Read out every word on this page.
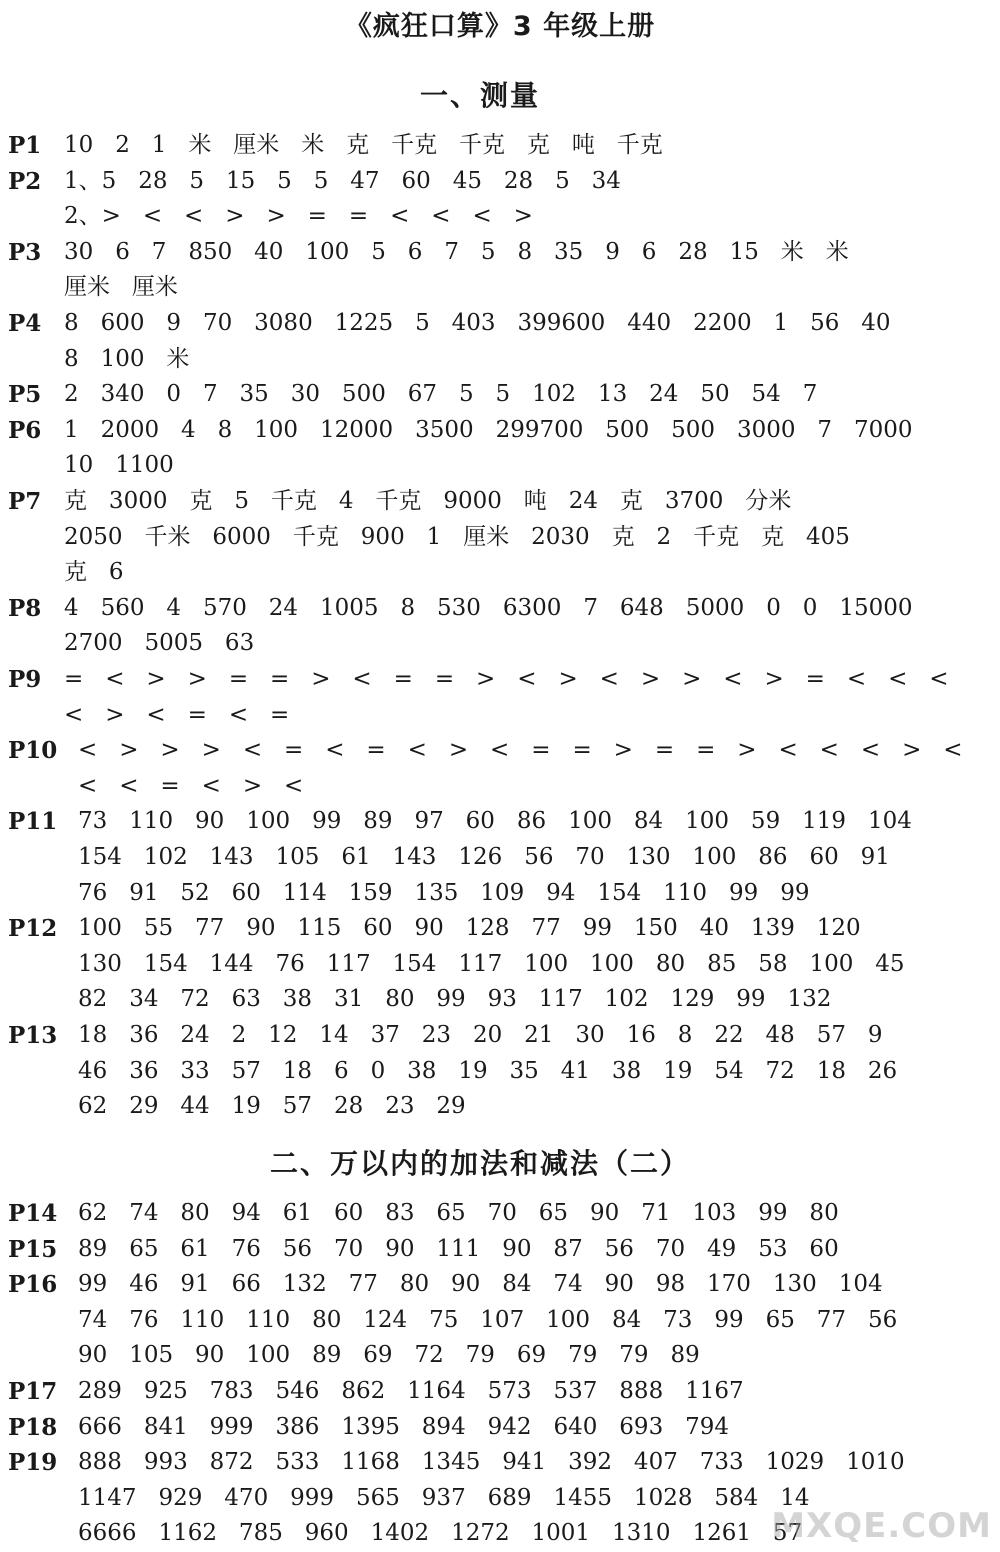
《疯狂口算》3 年级上册
一、测量
二、万以内的加法和减法（二）
P1 10   2   1   米   厘米   米   克   千克   千克   克   吨   千克
P2 1、5   28   5   15   5   5   47   60   45   28   5   34
2、>   <   <   >   >   =   =   <   <   <   >
P3 30   6   7   850   40   100   5   6   7   5   8   35   9   6   28   15   米   米
厘米   厘米
P4 8   600   9   70   3080   1225   5   403   399600   440   2200   1   56   40
8   100   米
P5 2   340   0   7   35   30   500   67   5   5   102   13   24   50   54   7
P6 1   2000   4   8   100   12000   3500   299700   500   500   3000   7   7000
10   1100
P7 克   3000   克   5   千克   4   千克   9000   吨   24   克   3700   分米
2050   千米   6000   千克   900   1   厘米   2030   克   2   千克   克   405
克   6
P8 4   560   4   570   24   1005   8   530   6300   7   648   5000   0   0   15000
2700   5005   63
P9 =   <   >   >   =   =   >   <   =   =   >   <   >   <   >   >   <   >   =   <   <   <
<   >   <   =   <   =
P10 <   >   >   >   <   =   <   =   <   >   <   =   =   >   =   =   >   <   <   <   >   <
<   <   =   <   >   <
P11 73   110   90   100   99   89   97   60   86   100   84   100   59   119   104
154   102   143   105   61   143   126   56   70   130   100   86   60   91
76   91   52   60   114   159   135   109   94   154   110   99   99
P12 100   55   77   90   115   60   90   128   77   99   150   40   139   120
130   154   144   76   117   154   117   100   100   80   85   58   100   45
82   34   72   63   38   31   80   99   93   117   102   129   99   132
P13 18   36   24   2   12   14   37   23   20   21   30   16   8   22   48   57   9
46   36   33   57   18   6   0   38   19   35   41   38   19   54   72   18   26
62   29   44   19   57   28   23   29
P14 62   74   80   94   61   60   83   65   70   65   90   71   103   99   80
P15 89   65   61   76   56   70   90   111   90   87   56   70   49   53   60
P16 99   46   91   66   132   77   80   90   84   74   90   98   170   130   104
74   76   110   110   80   124   75   107   100   84   73   99   65   77   56
90   105   90   100   89   69   72   79   69   79   79   89
P17 289   925   783   546   862   1164   573   537   888   1167
P18 666   841   999   386   1395   894   942   640   693   794
P19 888   993   872   533   1168   1345   941   392   407   733   1029   1010
1147   929   470   999   565   937   689   1455   1028   584   14
6666   1162   785   960   1402   1272   1001   1310   1261   57
MXQE.COM
